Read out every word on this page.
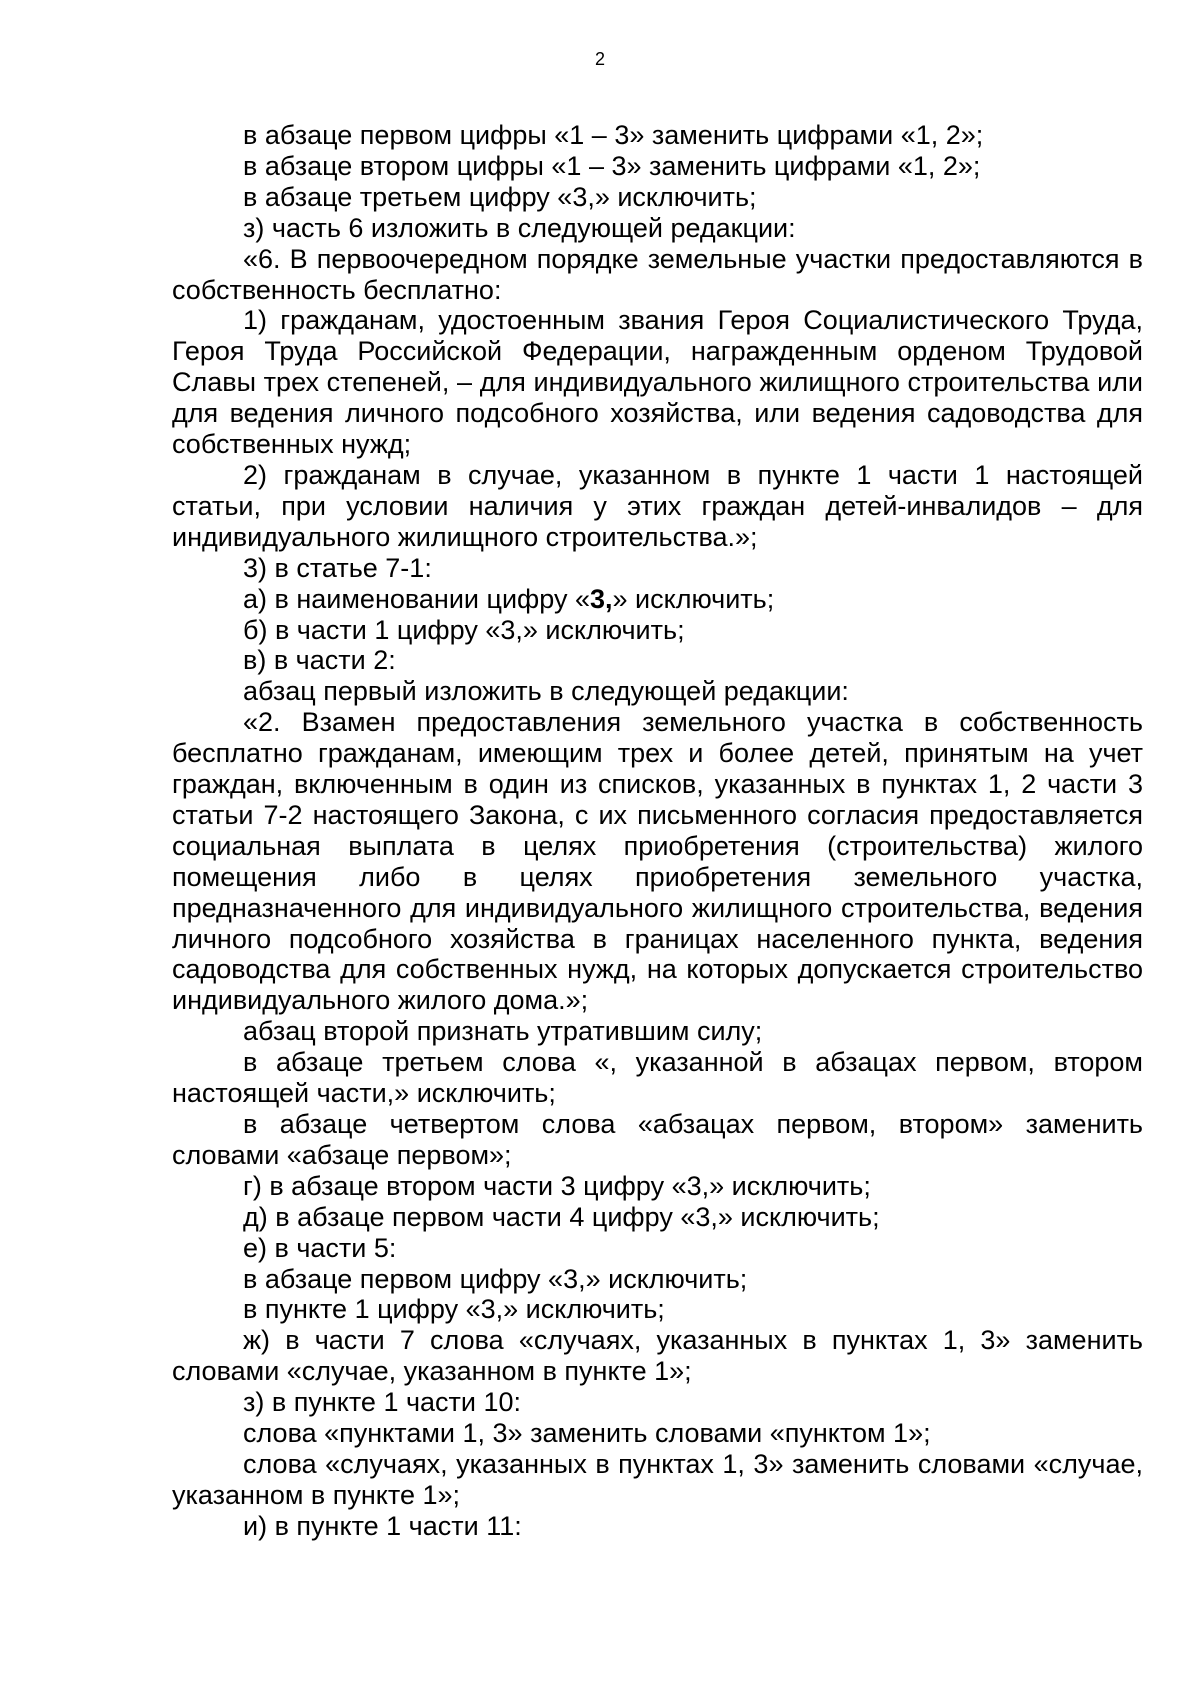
2

в абзаце первом цифры «1 – 3» заменить цифрами «1, 2»;

в абзаце втором цифры «1 – 3» заменить цифрами «1, 2»;

в абзаце третьем цифру «3,» исключить;

з) часть 6 изложить в следующей редакции:

«6. В первоочередном порядке земельные участки предоставляются в собственность бесплатно:

1) гражданам, удостоенным звания Героя Социалистического Труда, Героя Труда Российской Федерации, награжденным орденом Трудовой Славы трех степеней, – для индивидуального жилищного строительства или для ведения личного подсобного хозяйства, или ведения садоводства для собственных нужд;

2) гражданам в случае, указанном в пункте 1 части 1 настоящей статьи, при условии наличия у этих граждан детей-инвалидов – для индивидуального жилищного строительства.»;

3) в статье 7-1:

а) в наименовании цифру «3,» исключить;

б) в части 1 цифру «3,» исключить;

в) в части 2:

абзац первый изложить в следующей редакции:

«2. Взамен предоставления земельного участка в собственность бесплатно гражданам, имеющим трех и более детей, принятым на учет граждан, включенным в один из списков, указанных в пунктах 1, 2 части 3 статьи 7-2 настоящего Закона, с их письменного согласия предоставляется социальная выплата в целях приобретения (строительства) жилого помещения либо в целях приобретения земельного участка, предназначенного для индивидуального жилищного строительства, ведения личного подсобного хозяйства в границах населенного пункта, ведения садоводства для собственных нужд, на которых допускается строительство индивидуального жилого дома.»;

абзац второй признать утратившим силу;

в абзаце третьем слова «, указанной в абзацах первом, втором настоящей части,» исключить;

в абзаце четвертом слова «абзацах первом, втором» заменить словами «абзаце первом»;

г) в абзаце втором части 3 цифру «3,» исключить;

д) в абзаце первом части 4 цифру «3,» исключить;

е) в части 5:

в абзаце первом цифру «3,» исключить;

в пункте 1 цифру «3,» исключить;

ж) в части 7 слова «случаях, указанных в пунктах 1, 3» заменить словами «случае, указанном в пункте 1»;

з) в пункте 1 части 10:

слова «пунктами 1, 3» заменить словами «пунктом 1»;

слова «случаях, указанных в пунктах 1, 3» заменить словами «случае, указанном в пункте 1»;

и) в пункте 1 части 11:
